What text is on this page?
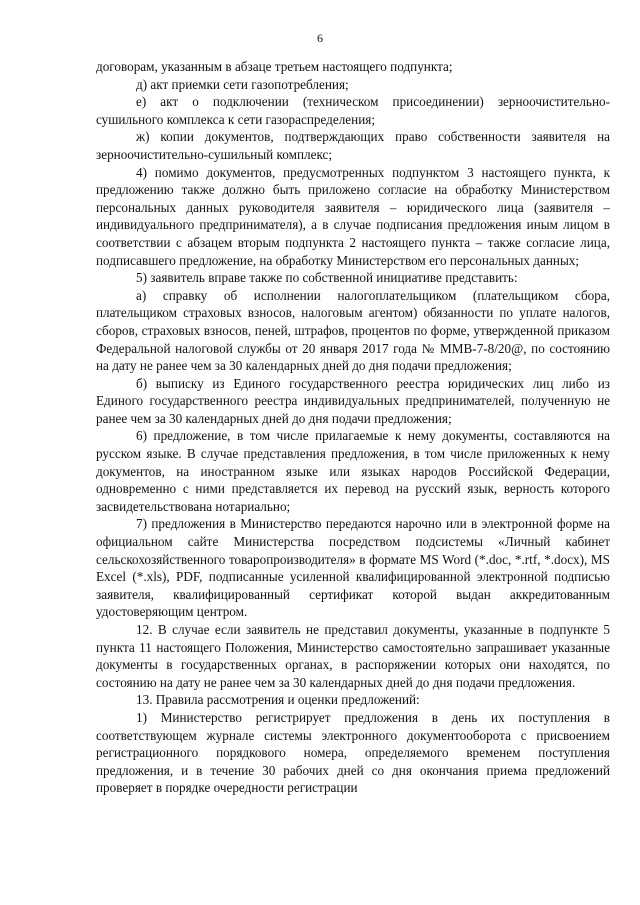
6

договорам, указанным в абзаце третьем настоящего подпункта;

д) акт приемки сети газопотребления;

е) акт о подключении (техническом присоединении) зерноочистительно-сушильного комплекса к сети газораспределения;

ж) копии документов, подтверждающих право собственности заявителя на зерноочистительно-сушильный комплекс;

4) помимо документов, предусмотренных подпунктом 3 настоящего пункта, к предложению также должно быть приложено согласие на обработку Министерством персональных данных руководителя заявителя – юридического лица (заявителя – индивидуального предпринимателя), а в случае подписания предложения иным лицом в соответствии с абзацем вторым подпункта 2 настоящего пункта – также согласие лица, подписавшего предложение, на обработку Министерством его персональных данных;

5) заявитель вправе также по собственной инициативе представить:

а) справку об исполнении налогоплательщиком (плательщиком сбора, плательщиком страховых взносов, налоговым агентом) обязанности по уплате налогов, сборов, страховых взносов, пеней, штрафов, процентов по форме, утвержденной приказом Федеральной налоговой службы от 20 января 2017 года № ММВ-7-8/20@, по состоянию на дату не ранее чем за 30 календарных дней до дня подачи предложения;

б) выписку из Единого государственного реестра юридических лиц либо из Единого государственного реестра индивидуальных предпринимателей, полученную не ранее чем за 30 календарных дней до дня подачи предложения;

6) предложение, в том числе прилагаемые к нему документы, составляются на русском языке. В случае представления предложения, в том числе приложенных к нему документов, на иностранном языке или языках народов Российской Федерации, одновременно с ними представляется их перевод на русский язык, верность которого засвидетельствована нотариально;

7) предложения в Министерство передаются нарочно или в электронной форме на официальном сайте Министерства посредством подсистемы «Личный кабинет сельскохозяйственного товаропроизводителя» в формате MS Word (*.doc, *.rtf, *.docx), MS Excel (*.xls), PDF, подписанные усиленной квалифицированной электронной подписью заявителя, квалифицированный сертификат которой выдан аккредитованным удостоверяющим центром.

12. В случае если заявитель не представил документы, указанные в подпункте 5 пункта 11 настоящего Положения, Министерство самостоятельно запрашивает указанные документы в государственных органах, в распоряжении которых они находятся, по состоянию на дату не ранее чем за 30 календарных дней до дня подачи предложения.

13. Правила рассмотрения и оценки предложений:

1) Министерство регистрирует предложения в день их поступления в соответствующем журнале системы электронного документооборота с присвоением регистрационного порядкового номера, определяемого временем поступления предложения, и в течение 30 рабочих дней со дня окончания приема предложений проверяет в порядке очередности регистрации
